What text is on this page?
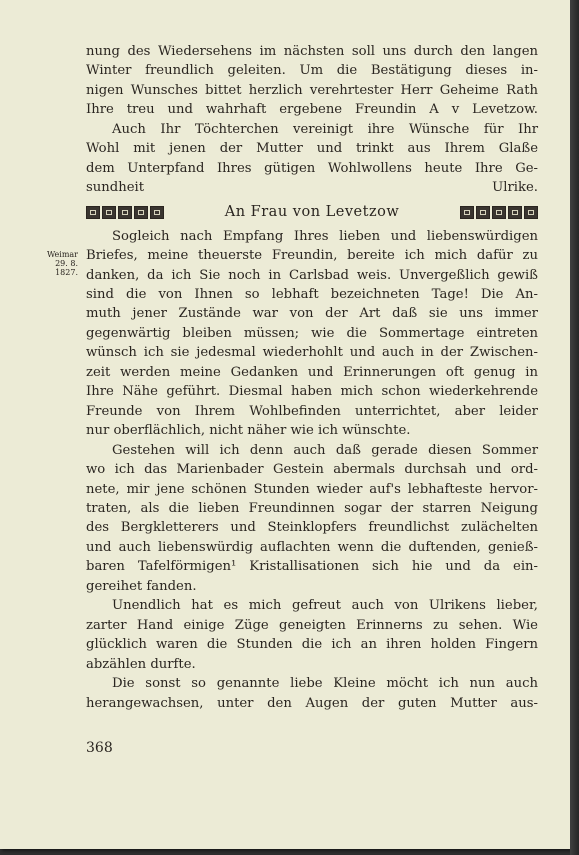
nung des Wiedersehens im nächsten soll uns durch den langen
Winter freundlich geleiten. Um die Bestätigung dieses in-
nigen Wunsches bittet herzlich verehrtester Herr Geheime Rath
Ihre treu und wahrhaft ergebene Freundin A v Levetzow.
Auch Ihr Töchterchen vereinigt ihre Wünsche für Ihr
Wohl mit jenen der Mutter und trinkt aus Ihrem Glaße
dem Unterpfand Ihres gütigen Wohlwollens heute Ihre Ge-
sundheit	Ulrike.
An Frau von Levetzow
Sogleich nach Empfang Ihres lieben und liebenswürdigen
Briefes, meine theuerste Freundin, bereite ich mich dafür zu
danken, da ich Sie noch in Carlsbad weis. Unvergeßlich gewiß
sind die von Ihnen so lebhaft bezeichneten Tage! Die An-
muth jener Zustände war von der Art daß sie uns immer
gegenwärtig bleiben müssen; wie die Sommertage eintreten
wünsch ich sie jedesmal wiederhohlt und auch in der Zwischen-
zeit werden meine Gedanken und Erinnerungen oft genug in
Ihre Nähe geführt. Diesmal haben mich schon wiederkehrende
Freunde von Ihrem Wohlbefinden unterrichtet, aber leider
nur oberflächlich, nicht näher wie ich wünschte.
Gestehen will ich denn auch daß gerade diesen Sommer
wo ich das Marienbader Gestein abermals durchsah und ord-
nete, mir jene schönen Stunden wieder auf's lebhafteste hervor-
traten, als die lieben Freundinnen sogar der starren Neigung
des Bergkletterers und Steinklopfers freundlichst zulächelten
und auch liebenswürdig auflachten wenn die duftenden, genieß-
baren Tafelförmigen¹ Kristallisationen sich hie und da ein-
gereihet fanden.
Unendlich hat es mich gefreut auch von Ulrikens lieber,
zarter Hand einige Züge geneigten Erinnerns zu sehen. Wie
glücklich waren die Stunden die ich an ihren holden Fingern
abzählen durfte.
Die sonst so genannte liebe Kleine möcht ich nun auch
herangewachsen, unter den Augen der guten Mutter aus-
Weimar
29. 8.
1827.
368
